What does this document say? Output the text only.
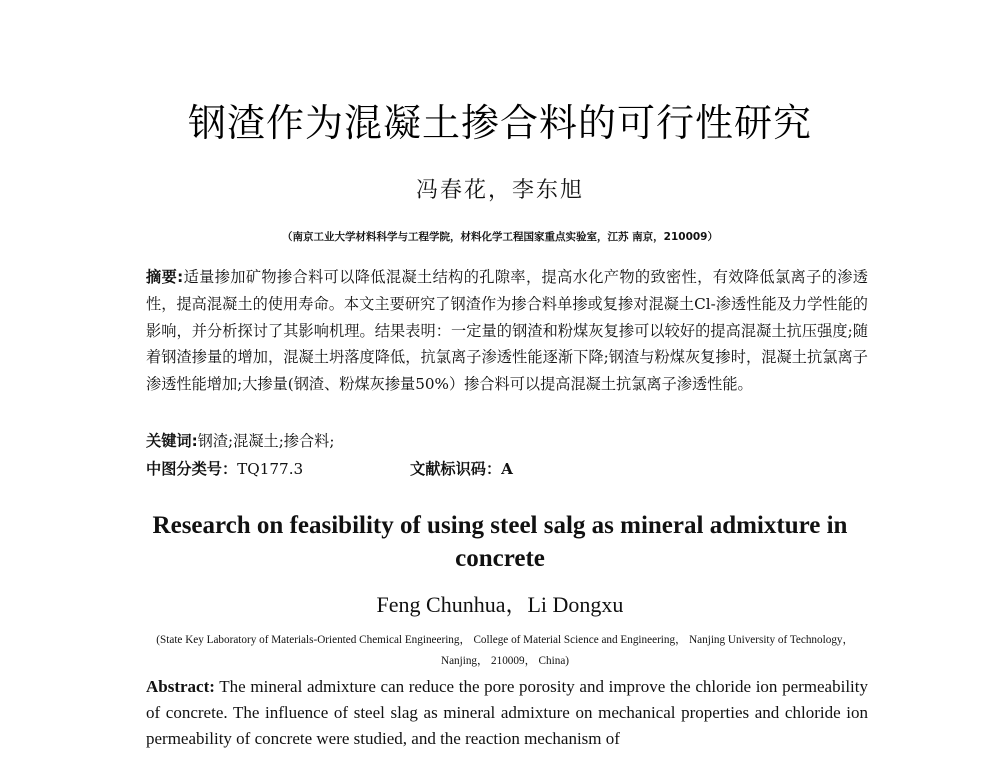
钢渣作为混凝土掺合料的可行性研究
冯春花，李东旭
（南京工业大学材料科学与工程学院，材料化学工程国家重点实验室，江苏 南京，210009）
摘要:适量掺加矿物掺合料可以降低混凝土结构的孔隙率，提高水化产物的致密性，有效降低氯离子的渗透性，提高混凝土的使用寿命。本文主要研究了钢渣作为掺合料单掺或复掺对混凝土Cl-渗透性能及力学性能的影响，并分析探讨了其影响机理。结果表明：一定量的钢渣和粉煤灰复掺可以较好的提高混凝土抗压强度;随着钢渣掺量的增加，混凝土坍落度降低，抗氯离子渗透性能逐渐下降;钢渣与粉煤灰复掺时，混凝土抗氯离子渗透性能增加;大掺量(钢渣、粉煤灰掺量50%）掺合料可以提高混凝土抗氯离子渗透性能。
关键词:钢渣;混凝土;掺合料;
中图分类号：TQ177.3	文献标识码：A
Research on feasibility of using steel salg as mineral admixture in concrete
Feng Chunhua，Li Dongxu
(State Key Laboratory of Materials-Oriented Chemical Engineering， College of Material Science and Engineering， Nanjing University of Technology， Nanjing， 210009， China)
Abstract: The mineral admixture can reduce the pore porosity and improve the chloride ion permeability of concrete. The influence of steel slag as mineral admixture on mechanical properties and chloride ion permeability of concrete were studied, and the reaction mechanism of
